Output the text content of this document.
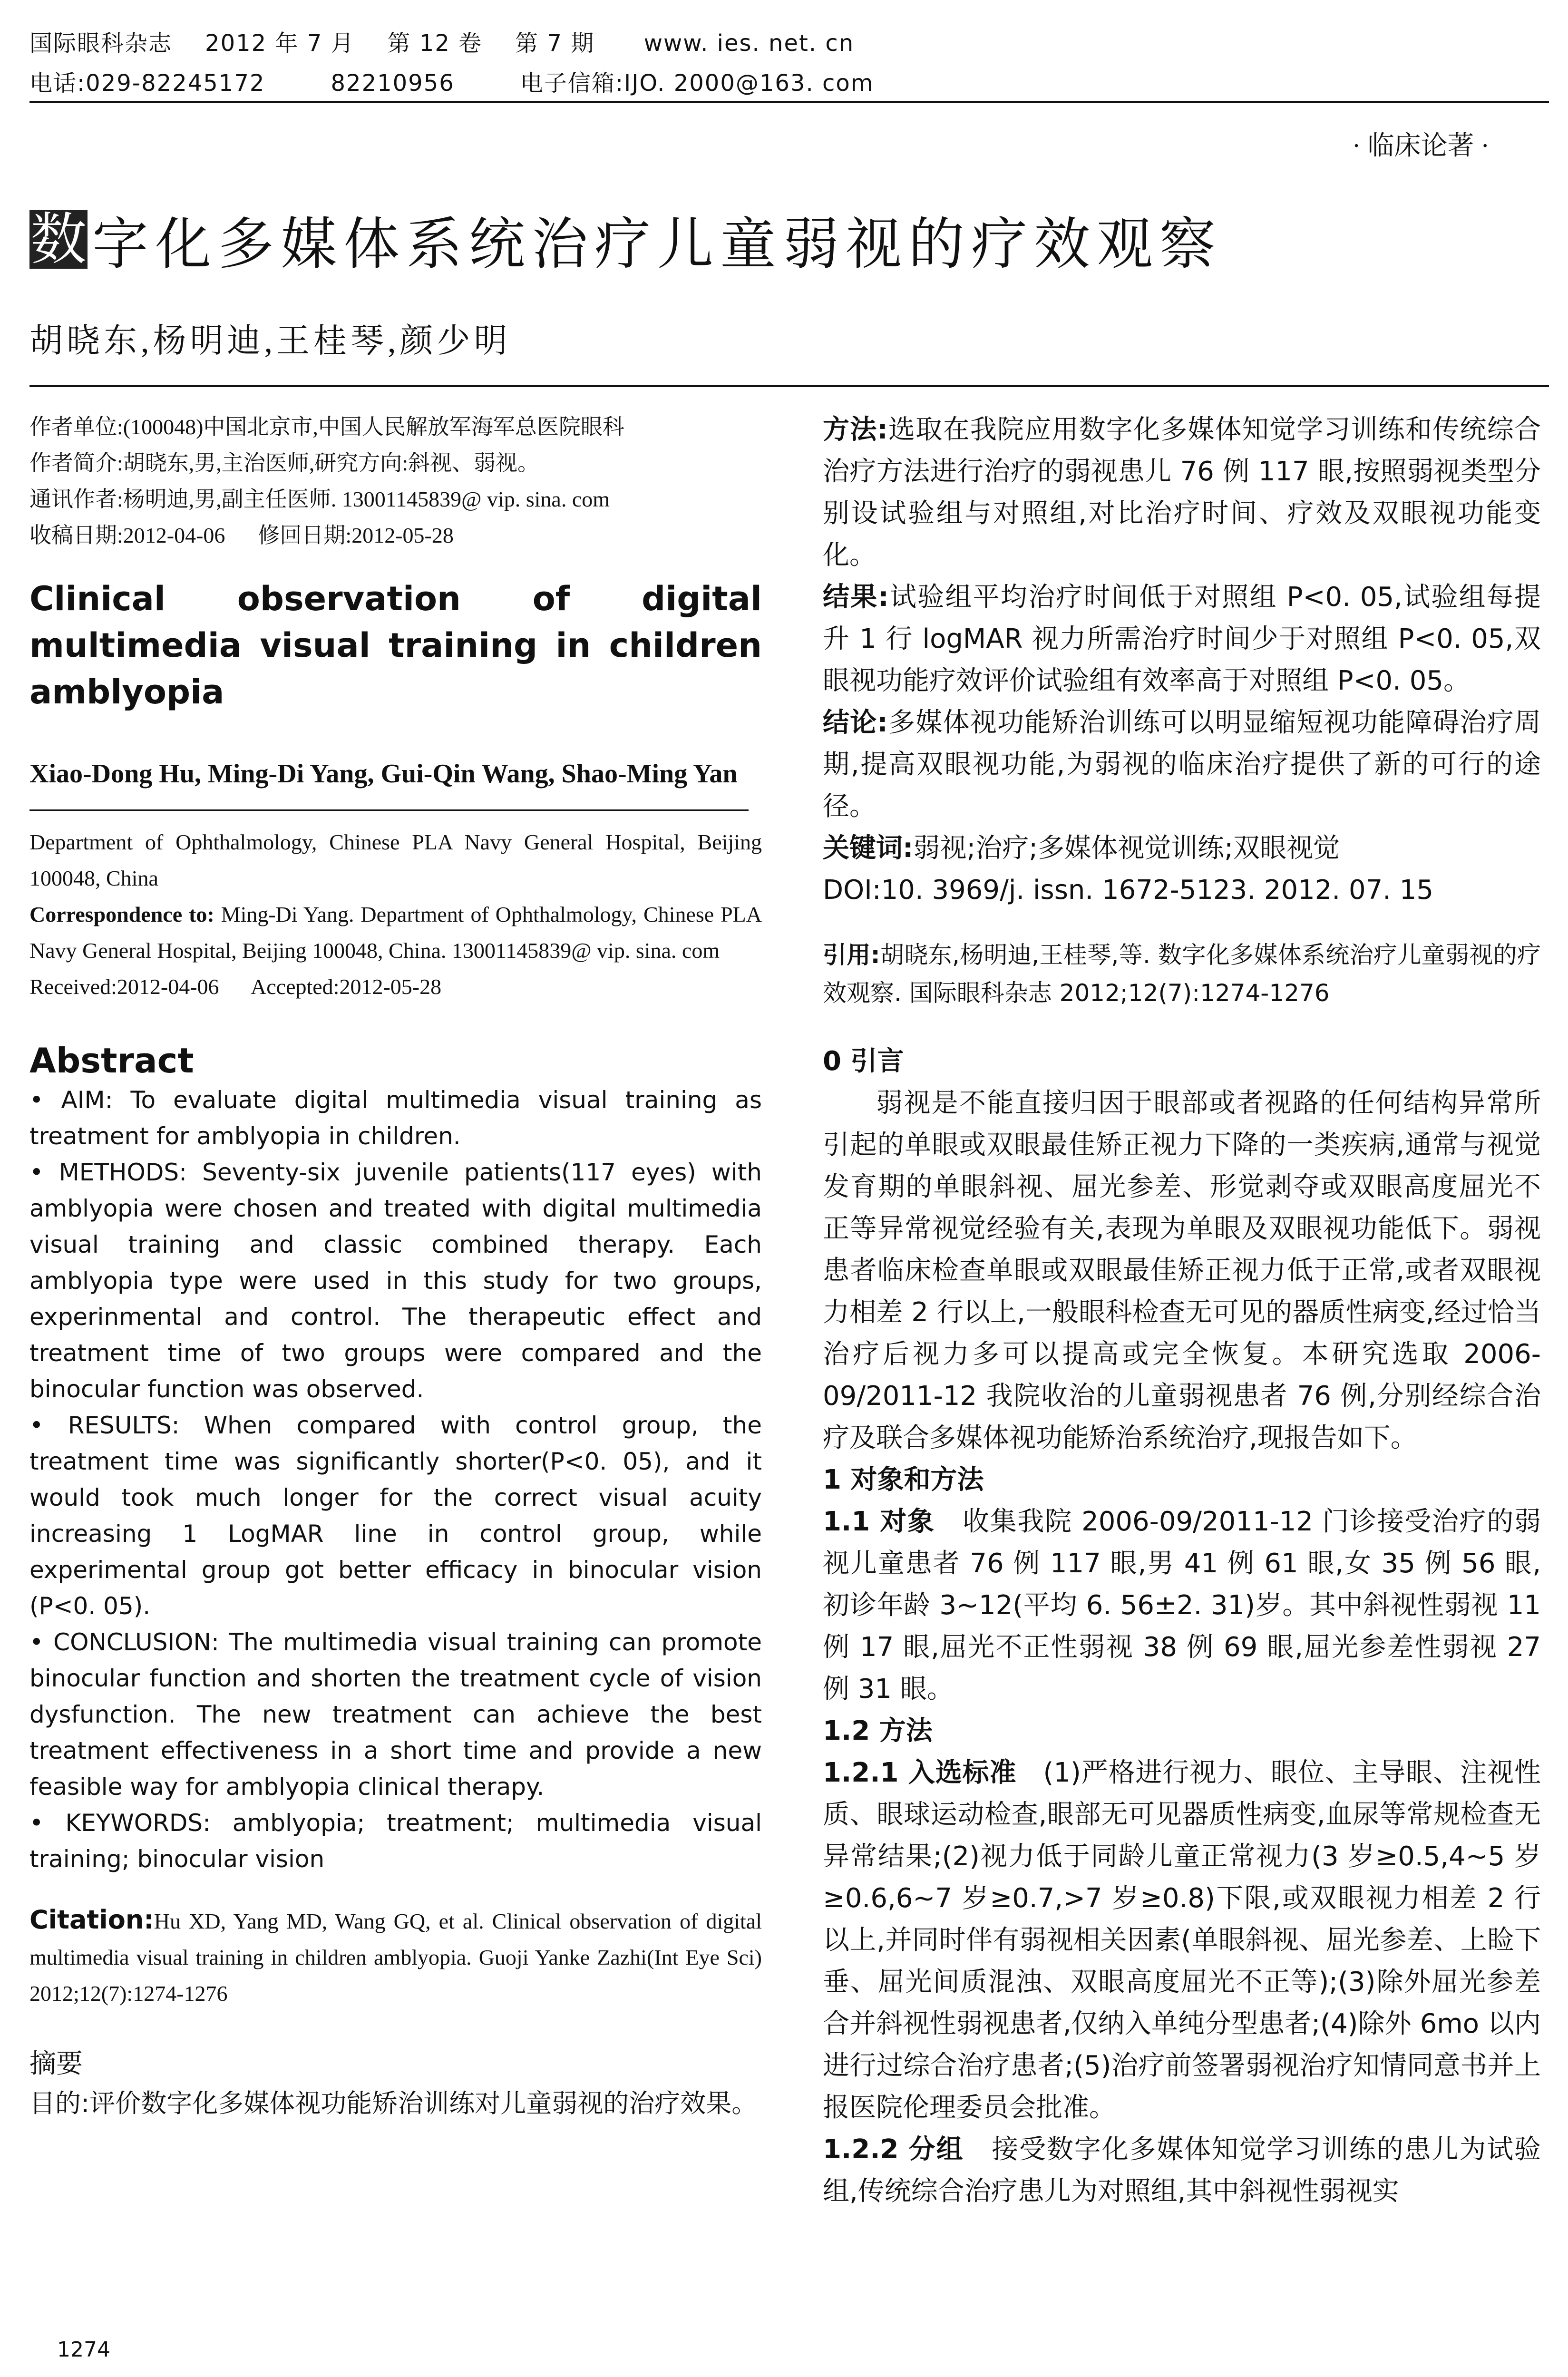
国际眼科杂志    2012 年 7 月    第 12 卷    第 7 期      www. ies. net. cn
电话:029-82245172        82210956        电子信箱:IJO. 2000@163. com
· 临床论著 ·
数 字化多媒体系统治疗儿童弱视的疗效观察
胡晓东,杨明迪,王桂琴,颜少明
作者单位:(100048)中国北京市,中国人民解放军海军总医院眼科
作者简介:胡晓东,男,主治医师,研究方向:斜视、弱视。
通讯作者:杨明迪,男,副主任医师. 13001145839@ vip. sina. com
收稿日期:2012-04-06      修回日期:2012-05-28
Clinical observation of digital multimedia visual training in children amblyopia
Xiao-Dong Hu, Ming-Di Yang, Gui-Qin Wang, Shao-Ming Yan
Department of Ophthalmology, Chinese PLA Navy General Hospital, Beijing 100048, China
Correspondence to: Ming-Di Yang. Department of Ophthalmology, Chinese PLA Navy General Hospital, Beijing 100048, China. 13001145839@ vip. sina. com
Received:2012-04-06      Accepted:2012-05-28
Abstract
• AIM: To evaluate digital multimedia visual training as treatment for amblyopia in children.
• METHODS: Seventy-six juvenile patients(117 eyes) with amblyopia were chosen and treated with digital multimedia visual training and classic combined therapy. Each amblyopia type were used in this study for two groups, experinmental and control. The therapeutic effect and treatment time of two groups were compared and the binocular function was observed.
• RESULTS: When compared with control group, the treatment time was significantly shorter(P<0. 05), and it would took much longer for the correct visual acuity increasing 1 LogMAR line in control group, while experimental group got better efficacy in binocular vision (P<0. 05).
• CONCLUSION: The multimedia visual training can promote binocular function and shorten the treatment cycle of vision dysfunction. The new treatment can achieve the best treatment effectiveness in a short time and provide a new feasible way for amblyopia clinical therapy.
• KEYWORDS: amblyopia; treatment; multimedia visual training; binocular vision
Citation:Hu XD, Yang MD, Wang GQ, et al. Clinical observation of digital multimedia visual training in children amblyopia. Guoji Yanke Zazhi(Int Eye Sci) 2012;12(7):1274-1276
摘要
目的:评价数字化多媒体视功能矫治训练对儿童弱视的治疗效果。
方法:选取在我院应用数字化多媒体知觉学习训练和传统综合治疗方法进行治疗的弱视患儿 76 例 117 眼,按照弱视类型分别设试验组与对照组,对比治疗时间、疗效及双眼视功能变化。
结果:试验组平均治疗时间低于对照组 P<0. 05,试验组每提升 1 行 logMAR 视力所需治疗时间少于对照组 P<0. 05,双眼视功能疗效评价试验组有效率高于对照组 P<0. 05。
结论:多媒体视功能矫治训练可以明显缩短视功能障碍治疗周期,提高双眼视功能,为弱视的临床治疗提供了新的可行的途径。
关键词:弱视;治疗;多媒体视觉训练;双眼视觉
DOI:10. 3969/j. issn. 1672-5123. 2012. 07. 15
引用:胡晓东,杨明迪,王桂琴,等. 数字化多媒体系统治疗儿童弱视的疗效观察. 国际眼科杂志 2012;12(7):1274-1276
0 引言
弱视是不能直接归因于眼部或者视路的任何结构异常所引起的单眼或双眼最佳矫正视力下降的一类疾病,通常与视觉发育期的单眼斜视、屈光参差、形觉剥夺或双眼高度屈光不正等异常视觉经验有关,表现为单眼及双眼视功能低下。弱视患者临床检查单眼或双眼最佳矫正视力低于正常,或者双眼视力相差 2 行以上,一般眼科检查无可见的器质性病变,经过恰当治疗后视力多可以提高或完全恢复。本研究选取 2006-09/2011-12 我院收治的儿童弱视患者 76 例,分别经综合治疗及联合多媒体视功能矫治系统治疗,现报告如下。
1 对象和方法
1.1 对象   收集我院 2006-09/2011-12 门诊接受治疗的弱视儿童患者 76 例 117 眼,男 41 例 61 眼,女 35 例 56 眼,初诊年龄 3~12(平均 6. 56±2. 31)岁。其中斜视性弱视 11 例 17 眼,屈光不正性弱视 38 例 69 眼,屈光参差性弱视 27 例 31 眼。
1.2 方法
1.2.1 入选标准   (1)严格进行视力、眼位、主导眼、注视性质、眼球运动检查,眼部无可见器质性病变,血尿等常规检查无异常结果;(2)视力低于同龄儿童正常视力(3 岁≥0.5,4~5 岁≥0.6,6~7 岁≥0.7,>7 岁≥0.8)下限,或双眼视力相差 2 行以上,并同时伴有弱视相关因素(单眼斜视、屈光参差、上睑下垂、屈光间质混浊、双眼高度屈光不正等);(3)除外屈光参差合并斜视性弱视患者,仅纳入单纯分型患者;(4)除外 6mo 以内进行过综合治疗患者;(5)治疗前签署弱视治疗知情同意书并上报医院伦理委员会批准。
1.2.2 分组   接受数字化多媒体知觉学习训练的患儿为试验组,传统综合治疗患儿为对照组,其中斜视性弱视实
1274
